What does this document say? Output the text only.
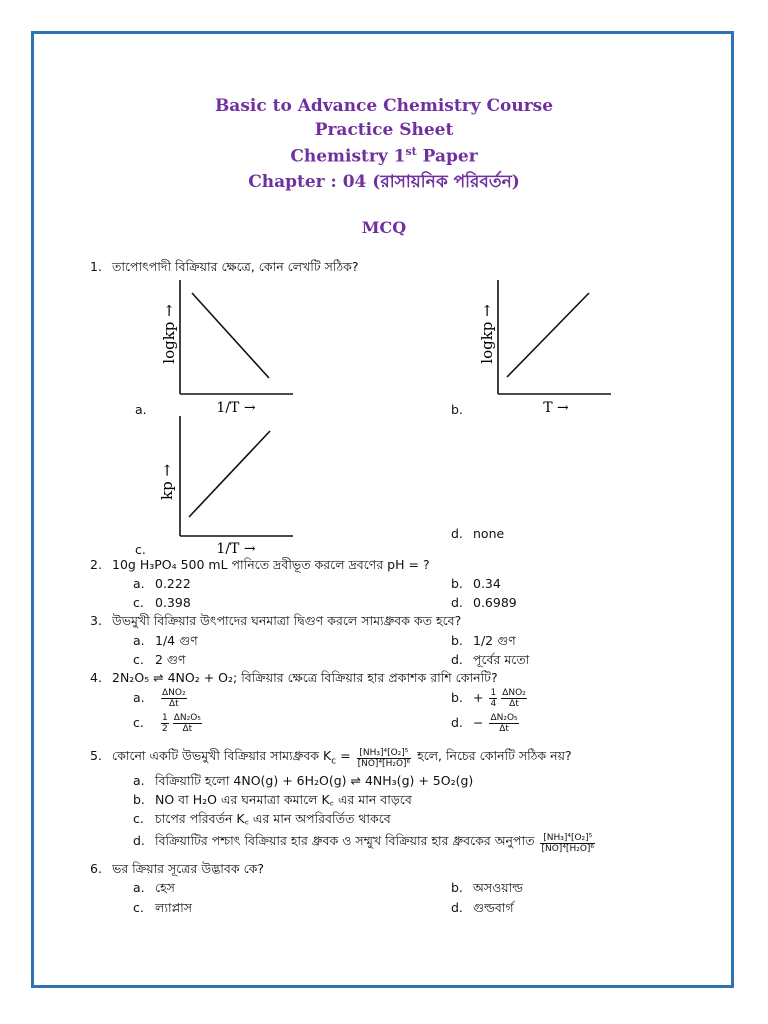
Basic to Advance Chemistry Course
Practice Sheet
Chemistry 1st Paper
Chapter : 04 (রাসায়নিক পরিবর্তন)
MCQ
1. তাপোৎপাদী বিক্রিয়ার ক্ষেত্রে, কোন লেখটি সঠিক?
a.
logkp →
1/T →	b.
logkp →
T →
c.
kp →
1/T →
d. none
2. 10g H₃PO₄ 500 mL পানিতে দ্রবীভূত করলে দ্রবণের pH = ?
a. 0.222	b. 0.34
c. 0.398	d. 0.6989
3. উভমুখী বিক্রিয়ার উৎপাদের ঘনমাত্রা দ্বিগুণ করলে সাম্যধ্রুবক কত হবে?
a. 1/4 গুণ	b. 1/2 গুণ
c. 2 গুণ	d. পূর্বের মতো
4. 2N₂O₅ ⇌ 4NO₂ + O₂; বিক্রিয়ার ক্ষেত্রে বিক্রিয়ার হার প্রকাশক রাশি কোনটি?
a. $\frac{\text{ΔNO₂}}{\Delta t}$	b. + $\frac{1}{4} \frac{\text{ΔNO₂}}{\Delta t}$
c. $\frac{1}{2} \frac{\text{ΔN₂O₅}}{\Delta t}$	d. − $\frac{\text{ΔN₂O₅}}{\Delta t}$
5. কোনো একটি উভমুখী বিক্রিয়ার সাম্যধ্রুবক $K_c = \frac{\text{[NH₃]⁴[O₂]⁵}}{\text{[NO]⁴[H₂O]⁶}}$ হলে, নিচের কোনটি সঠিক নয়?
a. বিক্রিয়াটি হলো 4NO(g) + 6H₂O(g) ⇌ 4NH₃(g) + 5O₂(g)
b. NO বা H₂O এর ঘনমাত্রা কমালে K꜀ এর মান বাড়বে
c. চাপের পরিবর্তন K꜀ এর মান অপরিবর্তিত থাকবে
d. বিক্রিয়াটির পশ্চাৎ বিক্রিয়ার হার ধ্রুবক ও সম্মুখ বিক্রিয়ার হার ধ্রুবকের অনুপাত $\frac{\text{[NH₃]⁴[O₂]⁵}}{\text{[NO]⁴[H₂O]⁶}}$
6. ভর ক্রিয়ার সূত্রের উদ্ভাবক কে?
a. হেস	b. অসওয়াল্ড
c. ল্যাপ্লাস	d. গুল্ডবার্গ
